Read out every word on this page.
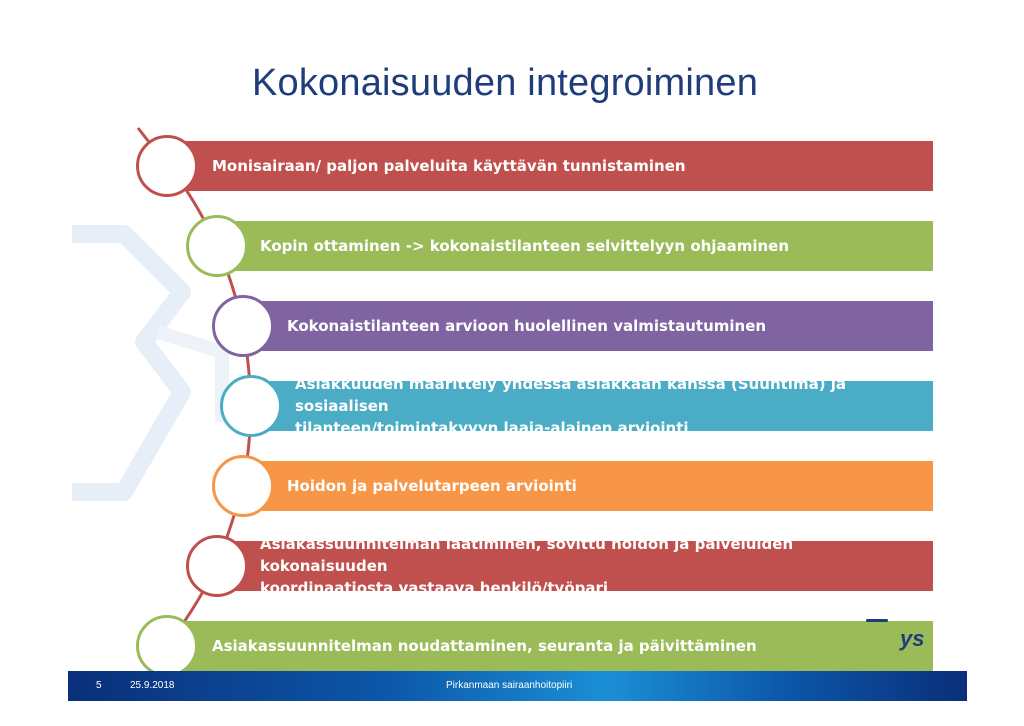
Kokonaisuuden integroiminen
Monisairaan/ paljon palveluita käyttävän tunnistaminen
Kopin ottaminen -> kokonaistilanteen selvittelyyn ohjaaminen
Kokonaistilanteen arvioon huolellinen valmistautuminen
Asiakkuuden määrittely yhdessä asiakkaan kanssa (Suuntima) ja sosiaalisen
tilanteen/toimintakyvyn laaja-alainen arviointi
Hoidon ja palvelutarpeen arviointi
Asiakassuunnitelman laatiminen, sovittu hoidon ja palveluiden kokonaisuuden
koordinaatiosta vastaava henkilö/työpari
Asiakassuunnitelman noudattaminen, seuranta ja päivittäminen	ys
5	25.9.2018	Pirkanmaan sairaanhoitopiiri
